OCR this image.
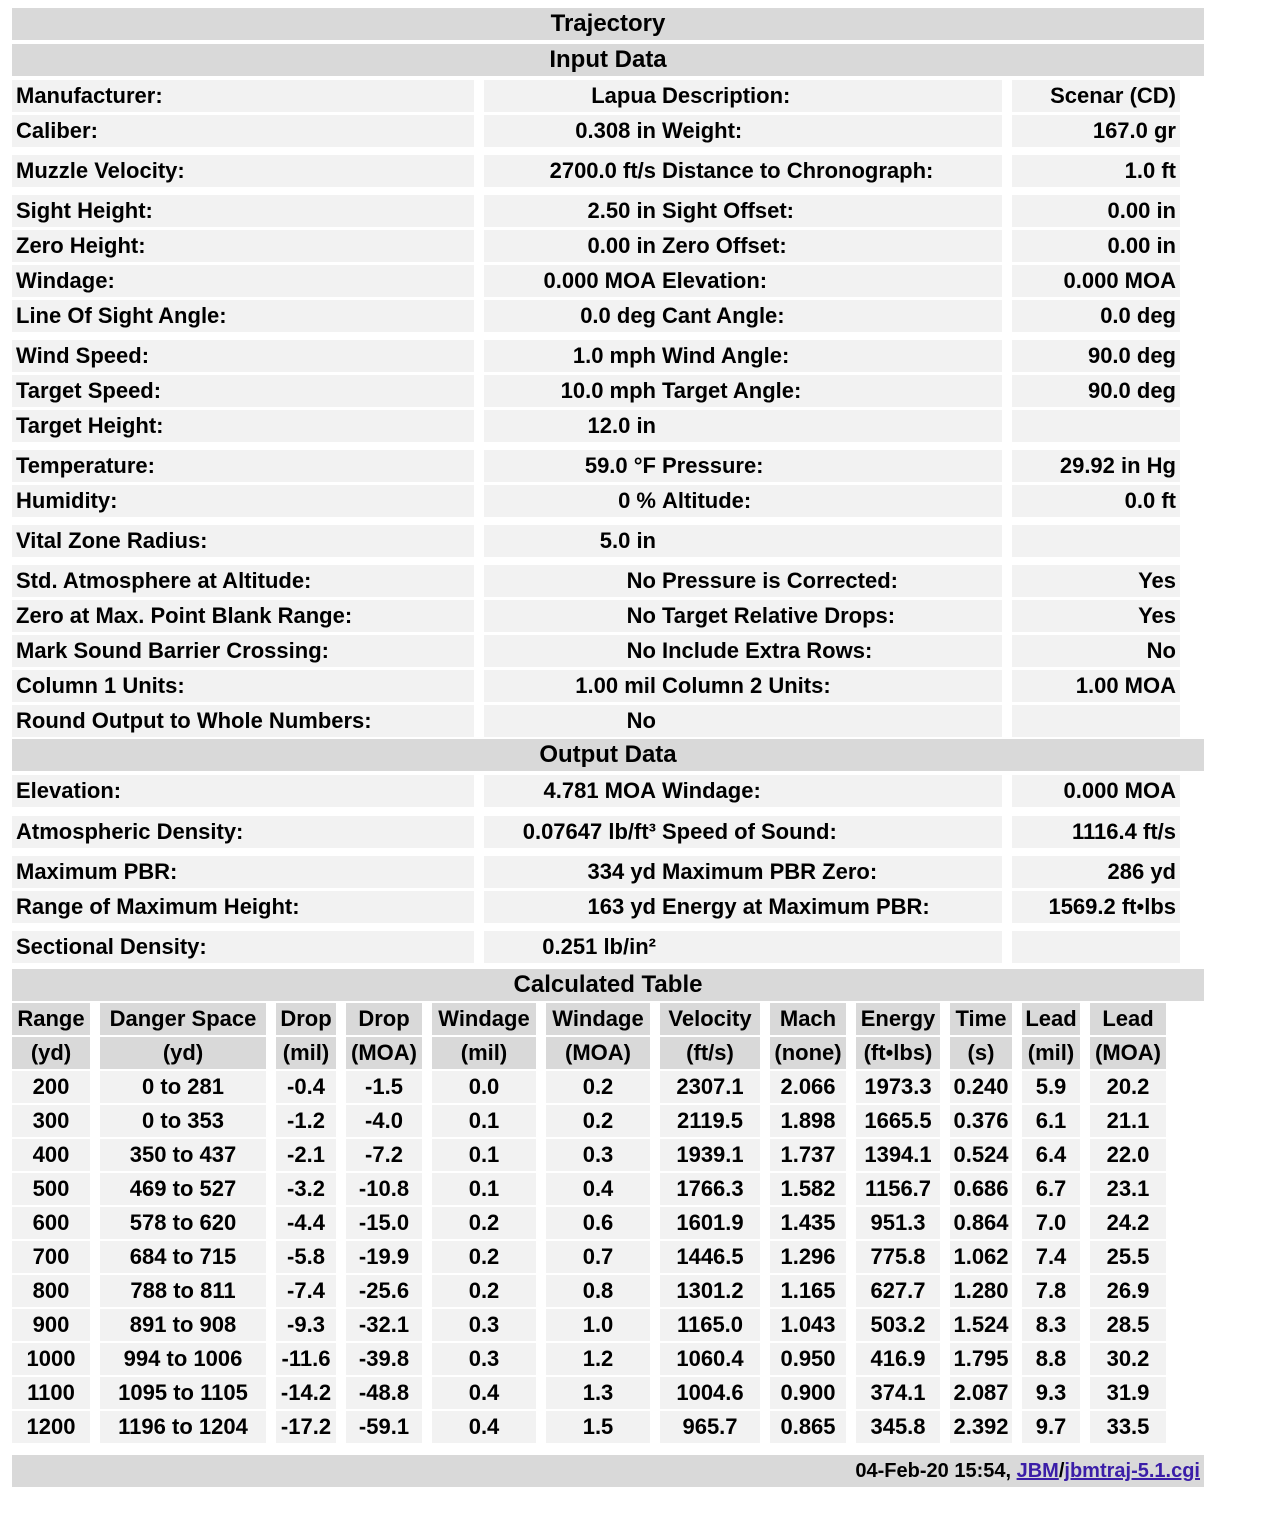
Trajectory
Input Data
Manufacturer:	Lapua Description:	Scenar (CD)
Caliber:	0.308 in Weight:	167.0 gr
Muzzle Velocity:	2700.0 ft/s Distance to Chronograph:	1.0 ft
Sight Height:	2.50 in Sight Offset:	0.00 in
Zero Height:	0.00 in Zero Offset:	0.00 in
Windage:	0.000 MOA Elevation:	0.000 MOA
Line Of Sight Angle:	0.0 deg Cant Angle:	0.0 deg
Wind Speed:	1.0 mph Wind Angle:	90.0 deg
Target Speed:	10.0 mph Target Angle:	90.0 deg
Target Height:	12.0 in
Temperature:	59.0 °F Pressure:	29.92 in Hg
Humidity:	0 % Altitude:	0.0 ft
Vital Zone Radius:	5.0 in
Std. Atmosphere at Altitude:	No Pressure is Corrected:	Yes
Zero at Max. Point Blank Range:	No Target Relative Drops:	Yes
Mark Sound Barrier Crossing:	No Include Extra Rows:	No
Column 1 Units:	1.00 mil Column 2 Units:	1.00 MOA
Round Output to Whole Numbers:	No
Output Data
Elevation:	4.781 MOA Windage:	0.000 MOA
Atmospheric Density:	0.07647 lb/ft³ Speed of Sound:	1116.4 ft/s
Maximum PBR:	334 yd Maximum PBR Zero:	286 yd
Range of Maximum Height:	163 yd Energy at Maximum PBR:	1569.2 ft•lbs
Sectional Density:	0.251 lb/in²
Calculated Table
Range	Danger Space	Drop	Drop	Windage	Windage	Velocity	Mach	Energy	Time	Lead	Lead
(yd)	(yd)	(mil)	(MOA)	(mil)	(MOA)	(ft/s)	(none)	(ft•lbs)	(s)	(mil)	(MOA)
200	0 to 281	-0.4	-1.5	0.0	0.2	2307.1	2.066	1973.3	0.240	5.9	20.2
300	0 to 353	-1.2	-4.0	0.1	0.2	2119.5	1.898	1665.5	0.376	6.1	21.1
400	350 to 437	-2.1	-7.2	0.1	0.3	1939.1	1.737	1394.1	0.524	6.4	22.0
500	469 to 527	-3.2	-10.8	0.1	0.4	1766.3	1.582	1156.7	0.686	6.7	23.1
600	578 to 620	-4.4	-15.0	0.2	0.6	1601.9	1.435	951.3	0.864	7.0	24.2
700	684 to 715	-5.8	-19.9	0.2	0.7	1446.5	1.296	775.8	1.062	7.4	25.5
800	788 to 811	-7.4	-25.6	0.2	0.8	1301.2	1.165	627.7	1.280	7.8	26.9
900	891 to 908	-9.3	-32.1	0.3	1.0	1165.0	1.043	503.2	1.524	8.3	28.5
1000	994 to 1006	-11.6	-39.8	0.3	1.2	1060.4	0.950	416.9	1.795	8.8	30.2
1100	1095 to 1105	-14.2	-48.8	0.4	1.3	1004.6	0.900	374.1	2.087	9.3	31.9
1200	1196 to 1204	-17.2	-59.1	0.4	1.5	965.7	0.865	345.8	2.392	9.7	33.5
04-Feb-20 15:54, JBM/jbmtraj-5.1.cgi
